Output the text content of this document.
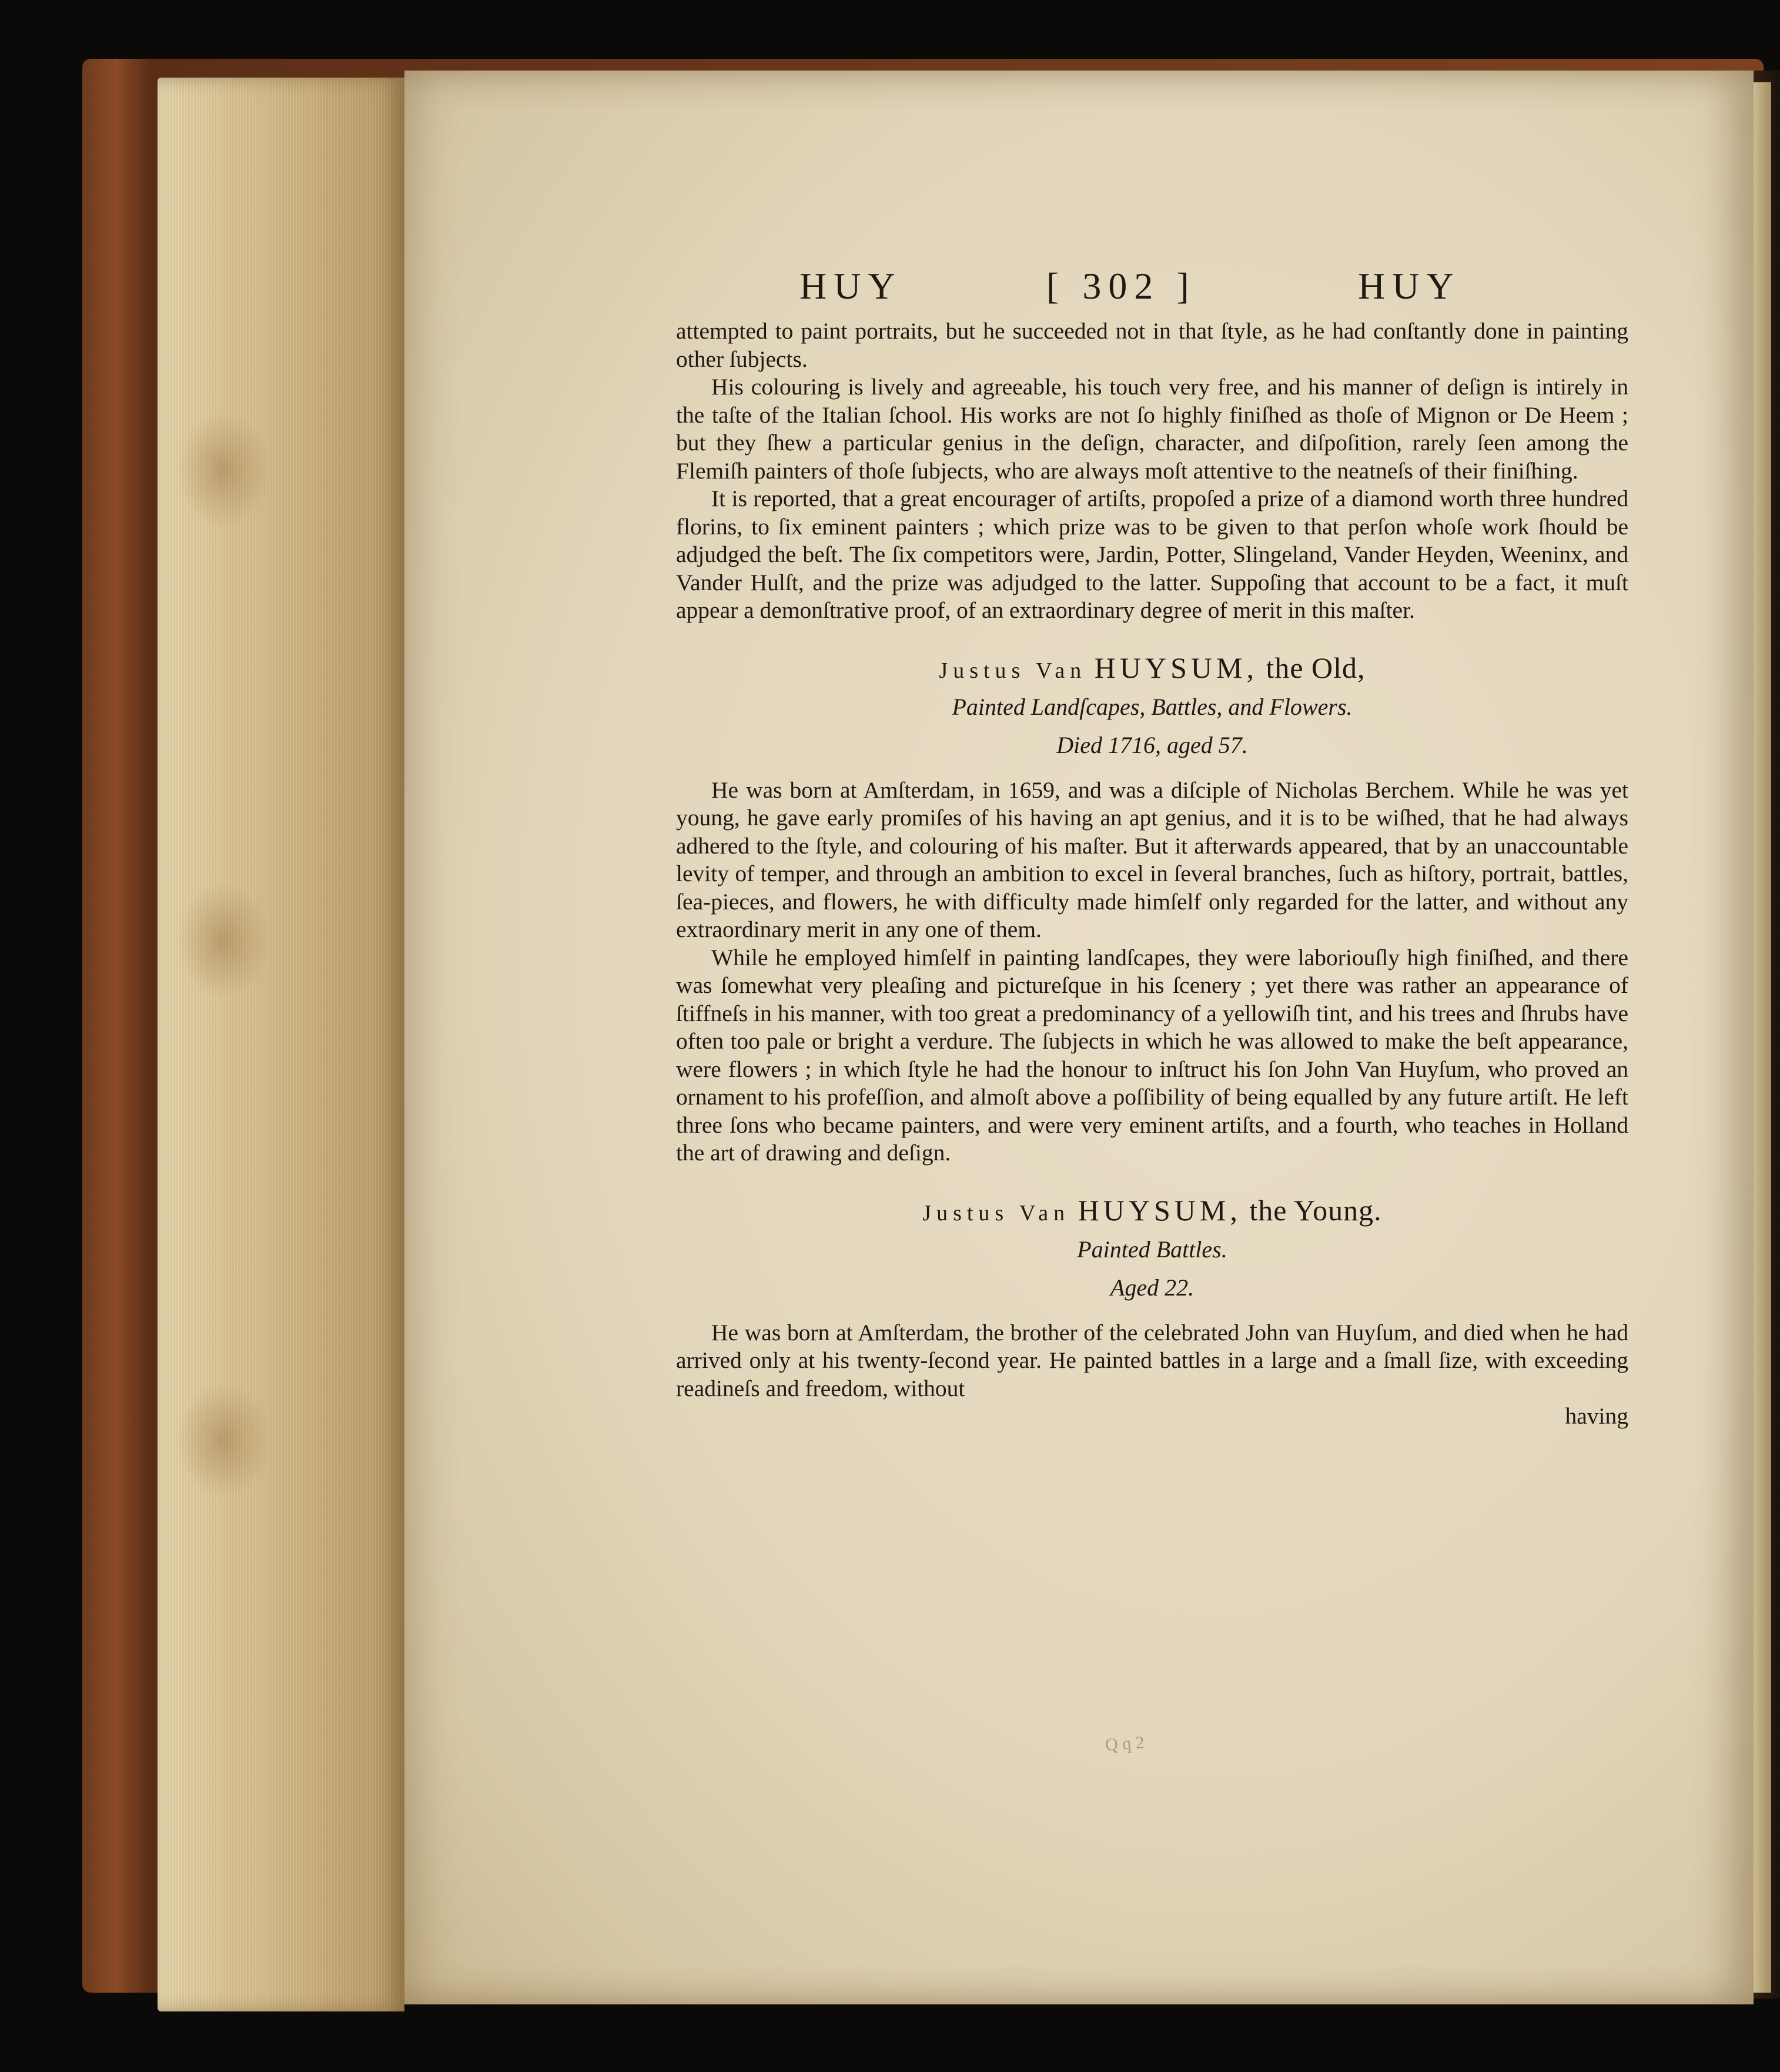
HUY	[ 302 ]	HUY

attempted to paint portraits, but he succeeded not in that ſtyle, as he had conſtantly done in painting other ſubjects.

His colouring is lively and agreeable, his touch very free, and his manner of deſign is intirely in the taſte of the Italian ſchool. His works are not ſo highly finiſhed as thoſe of Mignon or De Heem ; but they ſhew a particular genius in the deſign, character, and diſpoſition, rarely ſeen among the Flemiſh painters of thoſe ſubjects, who are always moſt attentive to the neatneſs of their finiſhing.

It is reported, that a great encourager of artiſts, propoſed a prize of a diamond worth three hundred florins, to ſix eminent painters ; which prize was to be given to that perſon whoſe work ſhould be adjudged the beſt. The ſix competitors were, Jardin, Potter, Slingeland, Vander Heyden, Weeninx, and Vander Hulſt, and the prize was adjudged to the latter. Suppoſing that account to be a fact, it muſt appear a demonſtrative proof, of an extraordinary degree of merit in this maſter.

Justus Van HUYSUM, the Old,
Painted Landſcapes, Battles, and Flowers.
Died 1716, aged 57.

He was born at Amſterdam, in 1659, and was a diſciple of Nicholas Berchem. While he was yet young, he gave early promiſes of his having an apt genius, and it is to be wiſhed, that he had always adhered to the ſtyle, and colouring of his maſter. But it afterwards appeared, that by an unaccountable levity of temper, and through an ambition to excel in ſeveral branches, ſuch as hiſtory, portrait, battles, ſea-pieces, and flowers, he with difficulty made himſelf only regarded for the latter, and without any extraordinary merit in any one of them.

While he employed himſelf in painting landſcapes, they were laboriouſly high finiſhed, and there was ſomewhat very pleaſing and pictureſque in his ſcenery ; yet there was rather an appearance of ſtiffneſs in his manner, with too great a predominancy of a yellowiſh tint, and his trees and ſhrubs have often too pale or bright a verdure. The ſubjects in which he was allowed to make the beſt appearance, were flowers ; in which ſtyle he had the honour to inſtruct his ſon John Van Huyſum, who proved an ornament to his profeſſion, and almoſt above a poſſibility of being equalled by any future artiſt. He left three ſons who became painters, and were very eminent artiſts, and a fourth, who teaches in Holland the art of drawing and deſign.

Justus Van HUYSUM, the Young.
Painted Battles.
Aged 22.

He was born at Amſterdam, the brother of the celebrated John van Huyſum, and died when he had arrived only at his twenty-ſecond year. He painted battles in a large and a ſmall ſize, with exceeding readineſs and freedom, without

having
Q q 2
